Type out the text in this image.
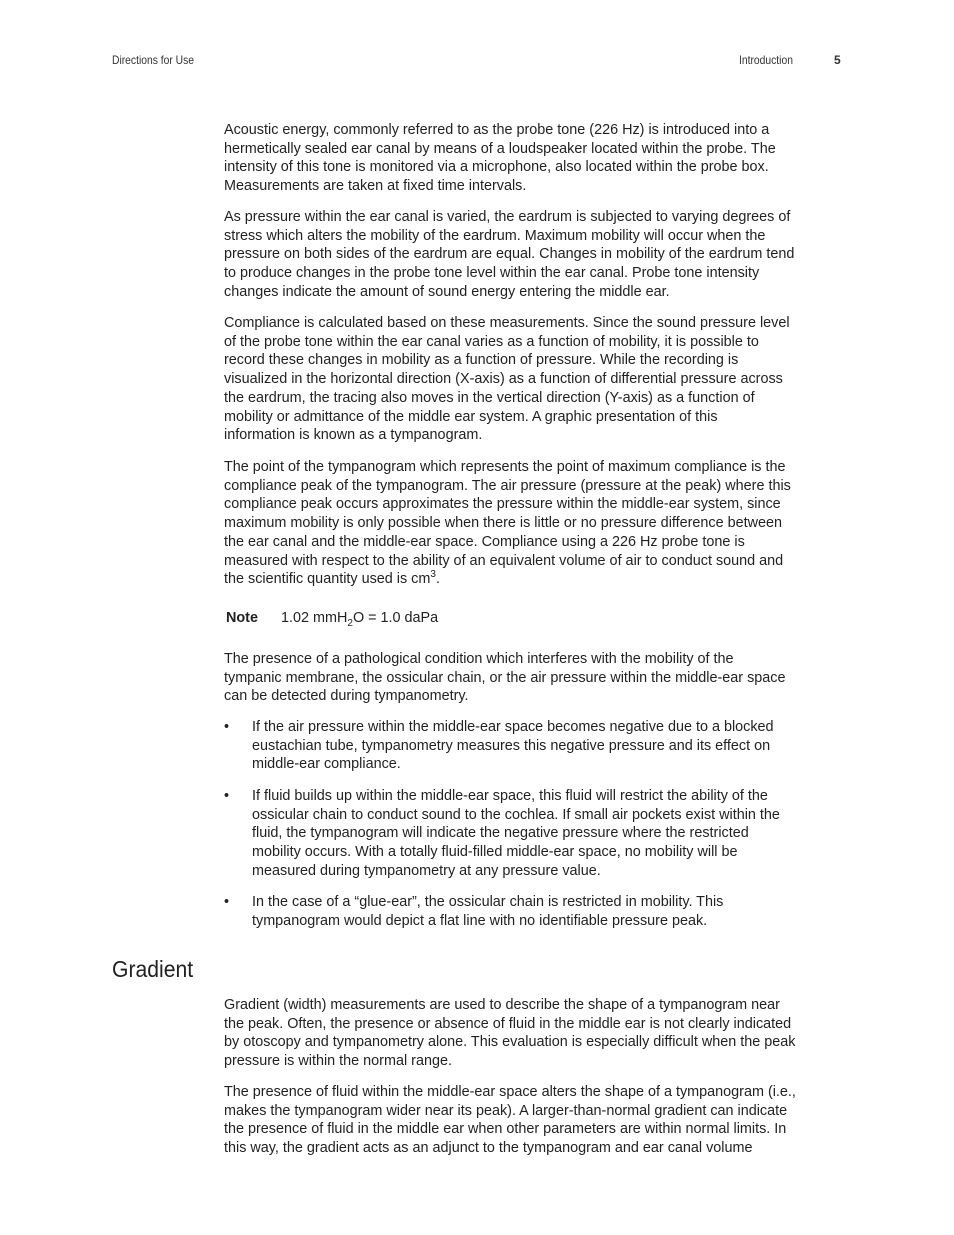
Directions for Use	Introduction	5

Acoustic energy, commonly referred to as the probe tone (226 Hz) is introduced into a
hermetically sealed ear canal by means of a loudspeaker located within the probe. The
intensity of this tone is monitored via a microphone, also located within the probe box.
Measurements are taken at fixed time intervals.

As pressure within the ear canal is varied, the eardrum is subjected to varying degrees of
stress which alters the mobility of the eardrum. Maximum mobility will occur when the
pressure on both sides of the eardrum are equal. Changes in mobility of the eardrum tend
to produce changes in the probe tone level within the ear canal. Probe tone intensity
changes indicate the amount of sound energy entering the middle ear.

Compliance is calculated based on these measurements. Since the sound pressure level
of the probe tone within the ear canal varies as a function of mobility, it is possible to
record these changes in mobility as a function of pressure. While the recording is
visualized in the horizontal direction (X-axis) as a function of differential pressure across
the eardrum, the tracing also moves in the vertical direction (Y-axis) as a function of
mobility or admittance of the middle ear system. A graphic presentation of this
information is known as a tympanogram.

The point of the tympanogram which represents the point of maximum compliance is the
compliance peak of the tympanogram. The air pressure (pressure at the peak) where this
compliance peak occurs approximates the pressure within the middle-ear system, since
maximum mobility is only possible when there is little or no pressure difference between
the ear canal and the middle-ear space. Compliance using a 226 Hz probe tone is
measured with respect to the ability of an equivalent volume of air to conduct sound and
the scientific quantity used is $cm^3$.

Note 1.02 mmH$_2$O = 1.0 daPa

The presence of a pathological condition which interferes with the mobility of the
tympanic membrane, the ossicular chain, or the air pressure within the middle-ear space
can be detected during tympanometry.

• If the air pressure within the middle-ear space becomes negative due to a blocked
eustachian tube, tympanometry measures this negative pressure and its effect on
middle-ear compliance.
• If fluid builds up within the middle-ear space, this fluid will restrict the ability of the
ossicular chain to conduct sound to the cochlea. If small air pockets exist within the
fluid, the tympanogram will indicate the negative pressure where the restricted
mobility occurs. With a totally fluid-filled middle-ear space, no mobility will be
measured during tympanometry at any pressure value.
• In the case of a “glue-ear”, the ossicular chain is restricted in mobility. This
tympanogram would depict a flat line with no identifiable pressure peak.
Gradient

Gradient (width) measurements are used to describe the shape of a tympanogram near
the peak. Often, the presence or absence of fluid in the middle ear is not clearly indicated
by otoscopy and tympanometry alone. This evaluation is especially difficult when the peak
pressure is within the normal range.

The presence of fluid within the middle-ear space alters the shape of a tympanogram (i.e.,
makes the tympanogram wider near its peak). A larger-than-normal gradient can indicate
the presence of fluid in the middle ear when other parameters are within normal limits. In
this way, the gradient acts as an adjunct to the tympanogram and ear canal volume
